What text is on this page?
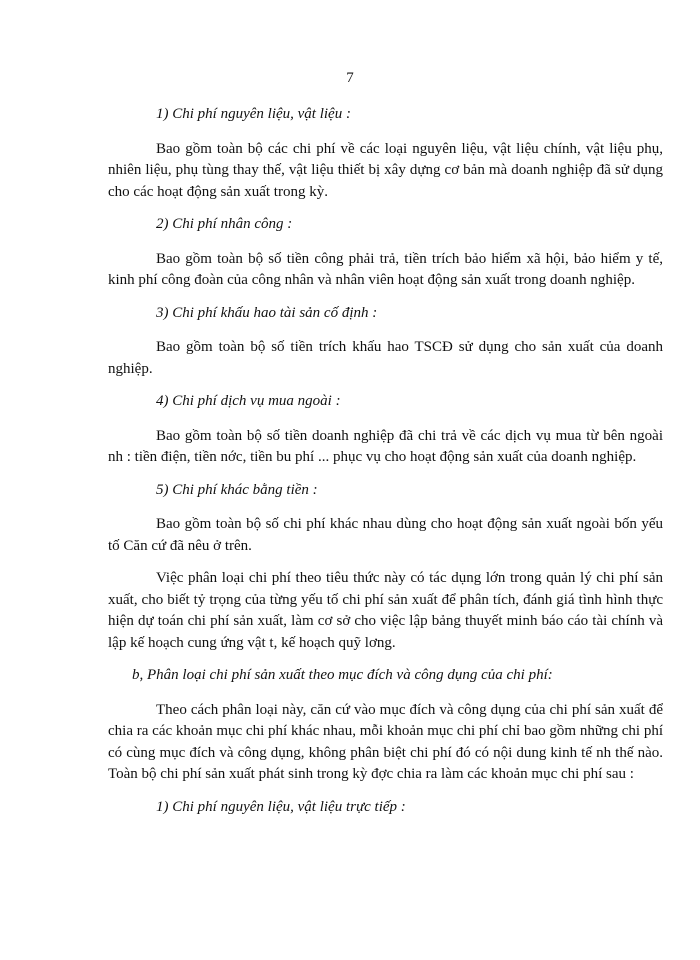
7

1) Chi phí nguyên liệu, vật liệu :

Bao gồm toàn bộ các chi phí về các loại nguyên liệu, vật liệu chính, vật liệu phụ, nhiên liệu, phụ tùng thay thế, vật liệu thiết bị xây dựng cơ bản mà doanh nghiệp đã sử dụng cho các hoạt động sản xuất trong kỳ.

2) Chi phí nhân công :

Bao gồm toàn bộ số tiền công phải trả, tiền trích bảo hiểm xã hội, bảo hiểm y tế, kinh phí công đoàn của công nhân và nhân viên hoạt động sản xuất trong doanh nghiệp.

3) Chi phí khấu hao tài sản cố định :

Bao gồm toàn bộ số tiền trích khấu hao TSCĐ sử dụng cho sản xuất của doanh nghiệp.

4) Chi phí dịch vụ mua ngoài :

Bao gồm toàn bộ số tiền doanh nghiệp đã chi trả về các dịch vụ mua từ bên ngoài nh : tiền điện, tiền nớc, tiền bu phí ... phục vụ cho hoạt động sản xuất của doanh nghiệp.

5) Chi phí khác bằng tiền :

Bao gồm toàn bộ số chi phí khác nhau dùng cho hoạt động sản xuất ngoài bốn yếu tố Căn cứ đã nêu ở trên.

Việc phân loại chi phí theo tiêu thức này có tác dụng lớn trong quản lý chi phí sản xuất, cho biết tỷ trọng của từng yếu tố chi phí sản xuất để phân tích, đánh giá tình hình thực hiện dự toán chi phí sản xuất, làm cơ sở cho việc lập bảng thuyết minh báo cáo tài chính và lập kế hoạch cung ứng vật t, kế hoạch quỹ lơng.

b, Phân loại chi phí sản xuất theo mục đích và công dụng của chi phí:

Theo cách phân loại này, căn cứ vào mục đích và công dụng của chi phí sản xuất để chia ra các khoản mục chi phí khác nhau, mỗi khoản mục chi phí chỉ bao gồm những chi phí có cùng mục đích và công dụng, không phân biệt chi phí đó có nội dung kinh tế nh thế nào. Toàn bộ chi phí sản xuất phát sinh trong kỳ đợc chia ra làm các khoản mục chi phí sau :

1) Chi phí nguyên liệu, vật liệu trực tiếp :
